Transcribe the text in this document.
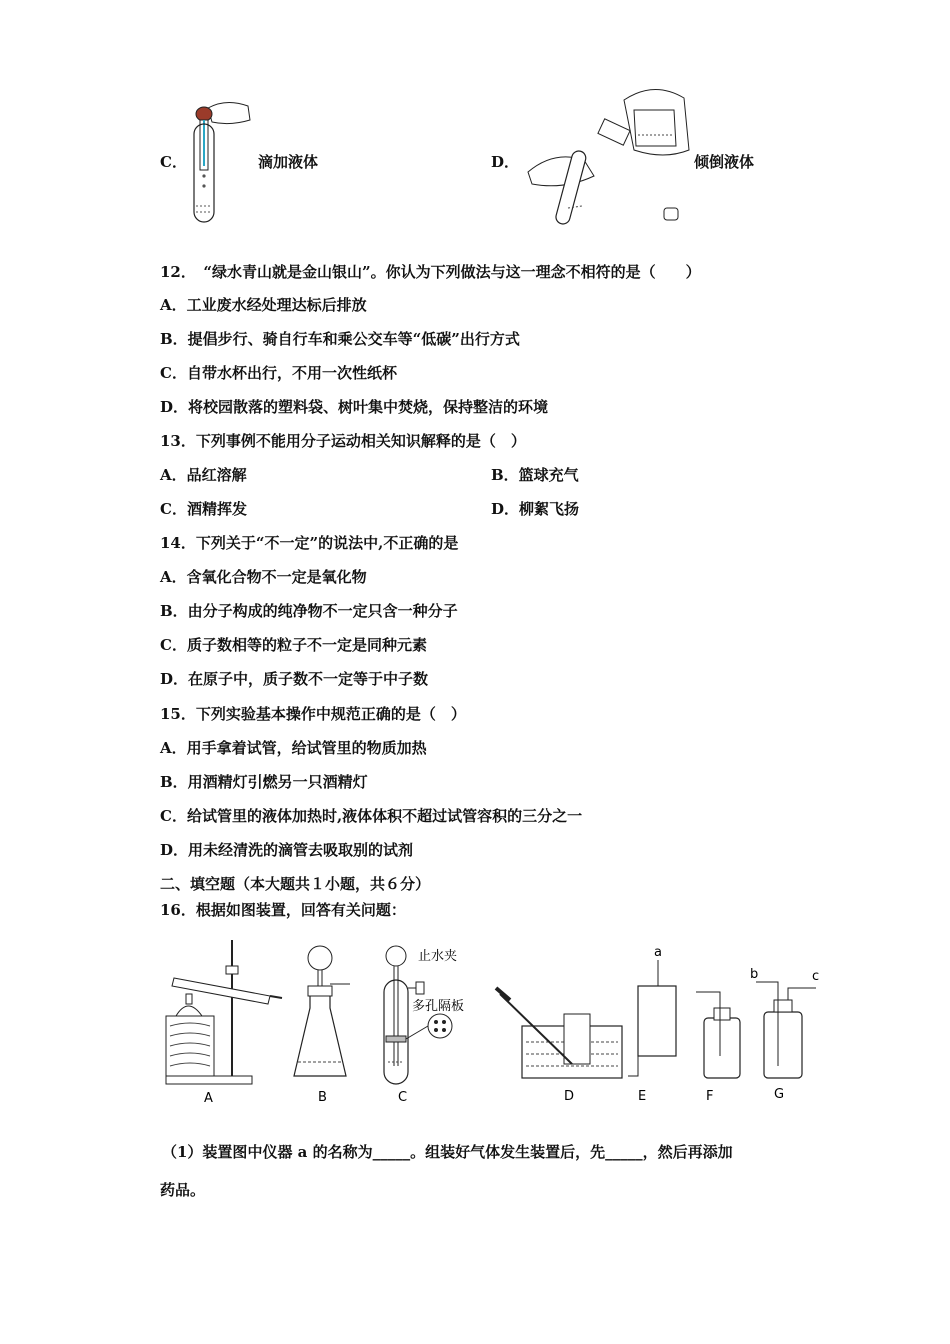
C．	滴加液体	D．	倾倒液体
12．　“绿水青山就是金山银山”。你认为下列做法与这一理念不相符的是（　　）
A．工业废水经处理达标后排放
B．提倡步行、骑自行车和乘公交车等“低碳”出行方式
C．自带水杯出行，不用一次性纸杯
D．将校园散落的塑料袋、树叶集中焚烧，保持整洁的环境
13．下列事例不能用分子运动相关知识解释的是（　）
A．品红溶解	B．篮球充气
C．酒精挥发	D．柳絮飞扬
14．下列关于“不一定”的说法中,不正确的是
A．含氧化合物不一定是氧化物
B．由分子构成的纯净物不一定只含一种分子
C．质子数相等的粒子不一定是同种元素
D．在原子中，质子数不一定等于中子数
15．下列实验基本操作中规范正确的是（　）
A．用手拿着试管，给试管里的物质加热
B．用酒精灯引燃另一只酒精灯
C．给试管里的液体加热时,液体体积不超过试管容积的三分之一
D．用未经清洗的滴管去吸取别的试剂
二、填空题（本大题共１小题，共６分）
16．根据如图装置，回答有关问题：
止水夹
多孔隔板
a
b	c
A	B	C	D	E	F	G
（1）装置图中仪器 a 的名称为_____。组装好气体发生装置后，先_____，然后再添加
药品。
